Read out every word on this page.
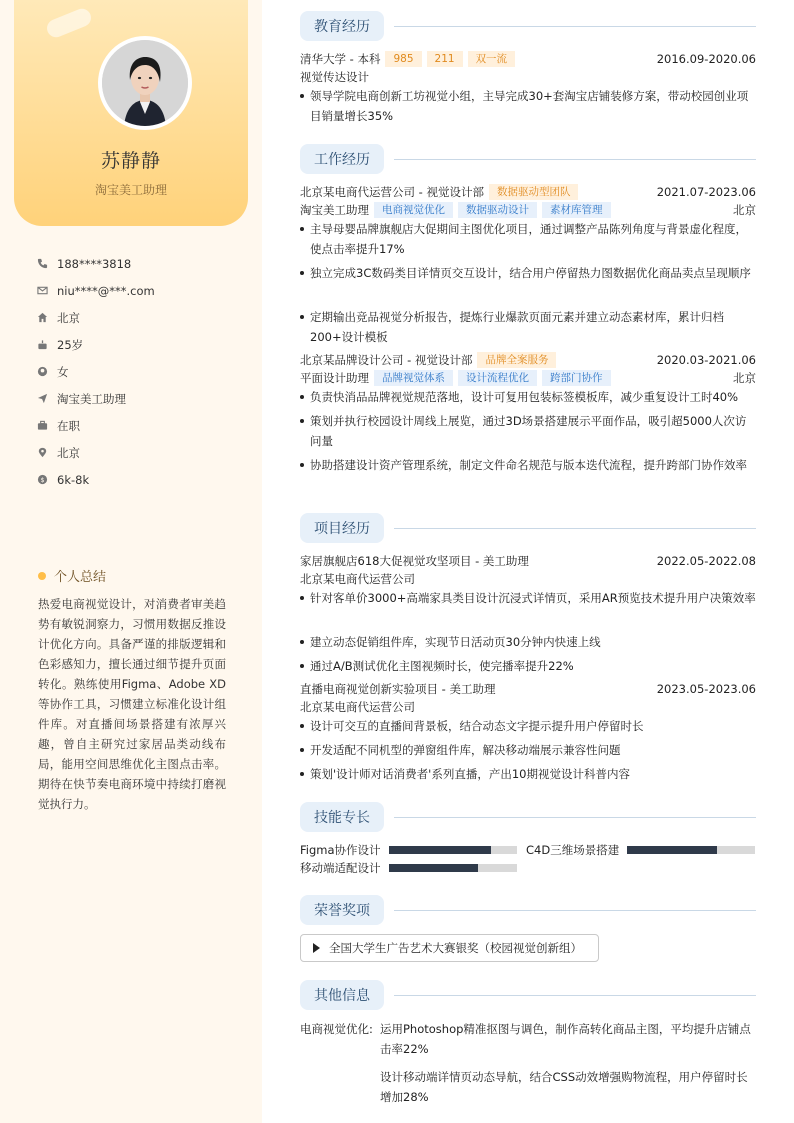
苏静静
淘宝美工助理
188****3818
niu****@***.com
北京
25岁
女
淘宝美工助理
在职
北京
$ 6k-8k
个人总结
热爱电商视觉设计，对消费者审美趋势有敏锐洞察力，习惯用数据反推设计优化方向。具备严谨的排版逻辑和色彩感知力，擅长通过细节提升页面转化。熟练使用Figma、Adobe XD等协作工具，习惯建立标准化设计组件库。对直播间场景搭建有浓厚兴趣，曾自主研究过家居品类动线布局，能用空间思维优化主图点击率。期待在快节奏电商环境中持续打磨视觉执行力。
教育经历
清华大学 - 本科	985	211	双一流	2016.09-2020.06
视觉传达设计
领导学院电商创新工坊视觉小组，主导完成30+套淘宝店铺装修方案，带动校园创业项目销量增长35%
工作经历
北京某电商代运营公司 - 视觉设计部	数据驱动型团队	2021.07-2023.06
淘宝美工助理	电商视觉优化	数据驱动设计	素材库管理	北京
主导母婴品牌旗舰店大促期间主图优化项目，通过调整产品陈列角度与背景虚化程度，使点击率提升17%
独立完成3C数码类目详情页交互设计，结合用户停留热力图数据优化商品卖点呈现顺序
定期输出竞品视觉分析报告，提炼行业爆款页面元素并建立动态素材库，累计归档200+设计模板
北京某品牌设计公司 - 视觉设计部	品牌全案服务	2020.03-2021.06
平面设计助理	品牌视觉体系	设计流程优化	跨部门协作	北京
负责快消品品牌视觉规范落地，设计可复用包装标签模板库，减少重复设计工时40%
策划并执行校园设计周线上展览，通过3D场景搭建展示平面作品，吸引超5000人次访问量
协助搭建设计资产管理系统，制定文件命名规范与版本迭代流程，提升跨部门协作效率
项目经历
家居旗舰店618大促视觉攻坚项目 - 美工助理	2022.05-2022.08
北京某电商代运营公司
针对客单价3000+高端家具类目设计沉浸式详情页，采用AR预览技术提升用户决策效率
建立动态促销组件库，实现节日活动页30分钟内快速上线
通过A/B测试优化主图视频时长，使完播率提升22%
直播电商视觉创新实验项目 - 美工助理	2023.05-2023.06
北京某电商代运营公司
设计可交互的直播间背景板，结合动态文字提示提升用户停留时长
开发适配不同机型的弹窗组件库，解决移动端展示兼容性问题
策划'设计师对话消费者'系列直播，产出10期视觉设计科普内容
技能专长
Figma协作设计	C4D三维场景搭建
移动端适配设计
荣誉奖项
全国大学生广告艺术大赛银奖（校园视觉创新组）
其他信息
电商视觉优化: 运用Photoshop精准抠图与调色，制作高转化商品主图，平均提升店铺点击率22%
设计移动端详情页动态导航，结合CSS动效增强购物流程，用户停留时长增加28%
